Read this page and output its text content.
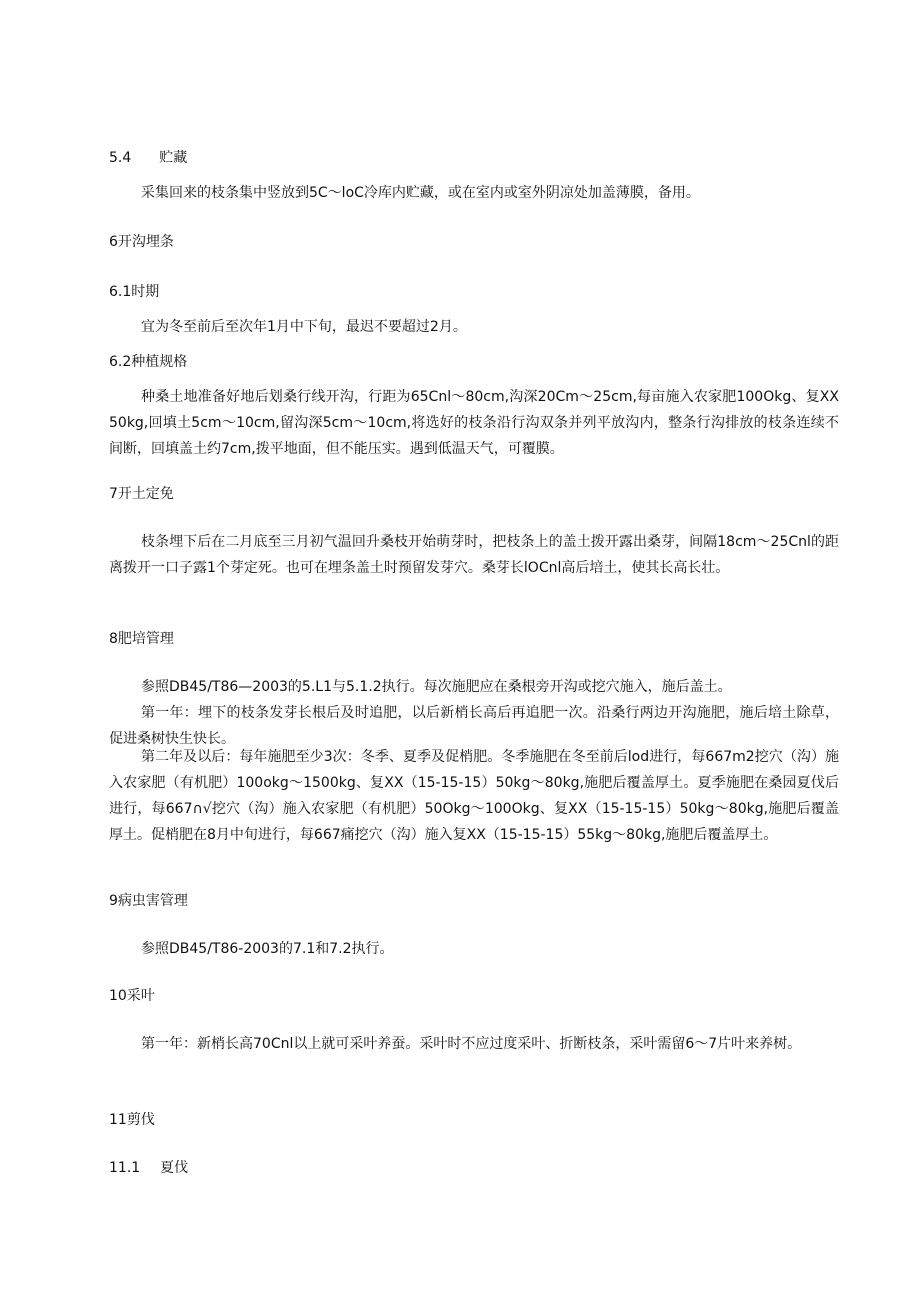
5.4 贮藏
采集回来的枝条集中竖放到5C～loC冷库内贮藏，或在室内或室外阴凉处加盖薄膜，备用。
6开沟埋条
6.1时期
宜为冬至前后至次年1月中下旬，最迟不要超过2月。
6.2种植规格
种桑土地准备好地后划桑行线开沟，行距为65Cnl～80cm,沟深20Cm～25cm,每亩施入农家肥100Okg、复XX50kg,回填土5cm～10cm,留沟深5cm～10cm,将选好的枝条沿行沟双条并列平放沟内，整条行沟排放的枝条连续不间断，回填盖土约7cm,拨平地面，但不能压实。遇到低温天气，可覆膜。
7开土定免
枝条埋下后在二月底至三月初气温回升桑枝开始萌芽时，把枝条上的盖土拨开露出桑芽，间隔18cm～25Cnl的距离拨开一口子露1个芽定死。也可在埋条盖土时预留发芽穴。桑芽长lOCnl高后培土，使其长高长壮。
8肥培管理
参照DB45/T86—2003的5.L1与5.1.2执行。每次施肥应在桑根旁开沟或挖穴施入，施后盖土。
第一年：埋下的枝条发芽长根后及时追肥，以后新梢长高后再追肥一次。沿桑行两边开沟施肥，施后培土除草，促进桑树快生快长。
第二年及以后：每年施肥至少3次：冬季、夏季及促梢肥。冬季施肥在冬至前后lod进行，每667m2挖穴（沟）施入农家肥（有机肥）100okg～1500kg、复XX（15-15-15）50kg～80kg,施肥后覆盖厚土。夏季施肥在桑园夏伐后进行，每667∩√挖穴（沟）施入农家肥（有机肥）50Okg～100Okg、复XX（15-15-15）50kg～80kg,施肥后覆盖厚土。促梢肥在8月中旬进行，每667痛挖穴（沟）施入复XX（15-15-15）55kg～80kg,施肥后覆盖厚土。
9病虫害管理
参照DB45/T86-2003的7.1和7.2执行。
10采叶
第一年：新梢长高70Cnl以上就可采叶养蚕。采叶时不应过度采叶、折断枝条，采叶需留6～7片叶来养树。
11剪伐
11.1 夏伐
